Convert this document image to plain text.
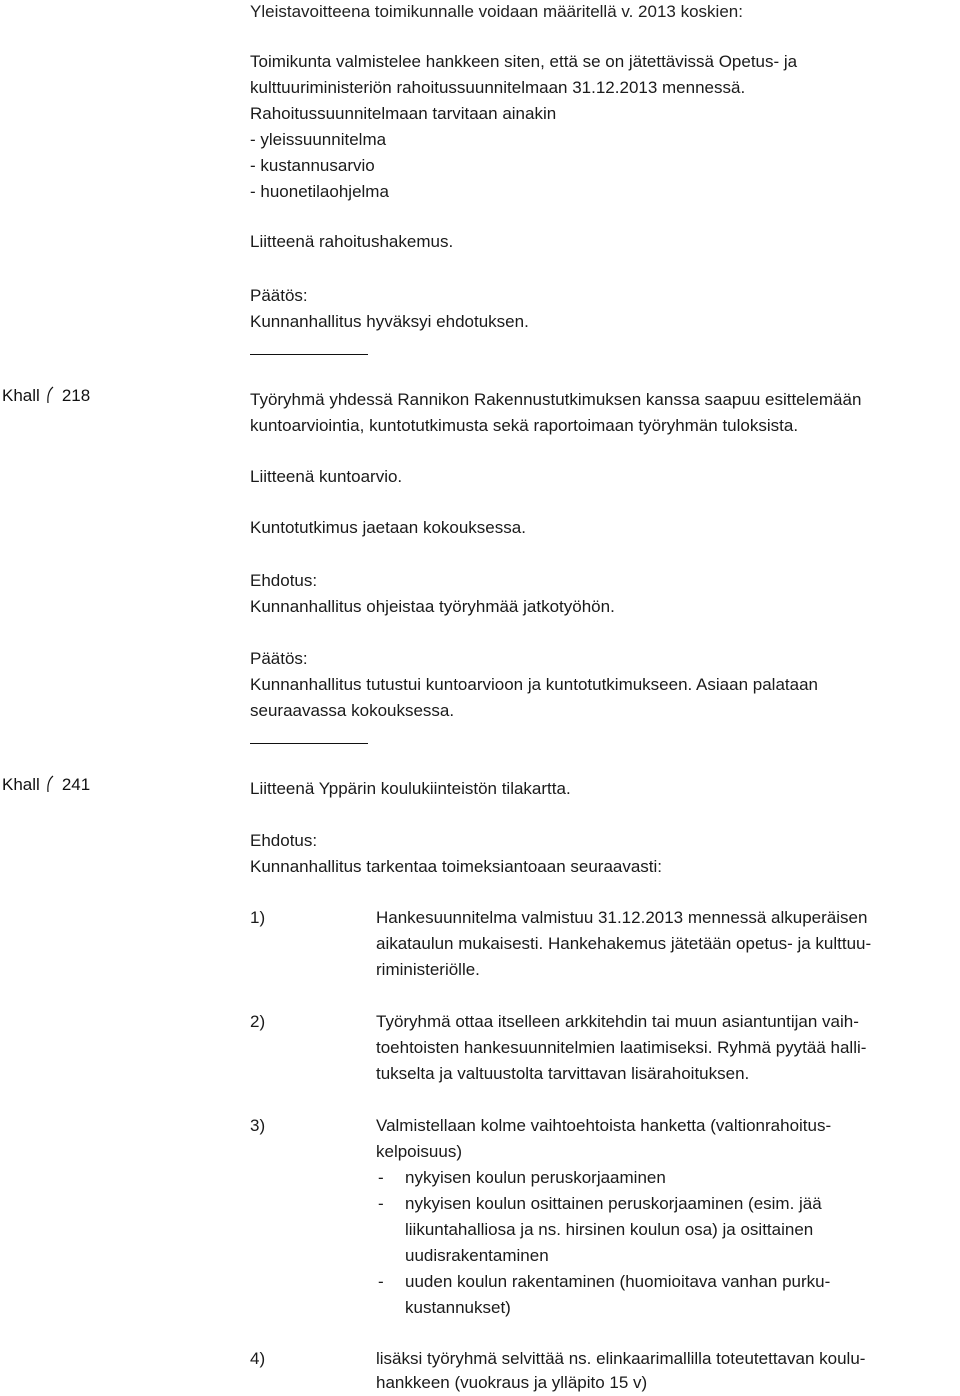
Yleistavoitteena toimikunnalle voidaan määritellä v. 2013 koskien:
Toimikunta valmistelee hankkeen siten, että se on jätettävissä Opetus- ja
kulttuuriministeriön rahoitussuunnitelmaan 31.12.2013 mennessä.
Rahoitussuunnitelmaan tarvitaan ainakin
- yleissuunnitelma
- kustannusarvio
- huonetilaohjelma
Liitteenä rahoitushakemus.
Päätös:
Kunnanhallitus hyväksyi ehdotuksen.
Khall 218	Työryhmä yhdessä Rannikon Rakennustutkimuksen kanssa saapuu esittelemään
kuntoarviointia, kuntotutkimusta sekä raportoimaan työryhmän tuloksista.
Liitteenä kuntoarvio.
Kuntotutkimus jaetaan kokouksessa.
Ehdotus:
Kunnanhallitus ohjeistaa työryhmää jatkotyöhön.
Päätös:
Kunnanhallitus tutustui kuntoarvioon ja kuntotutkimukseen. Asiaan palataan
seuraavassa kokouksessa.
Khall 241	Liitteenä Yppärin koulukiinteistön tilakartta.
Ehdotus:
Kunnanhallitus tarkentaa toimeksiantoaan seuraavasti:
1)	Hankesuunnitelma valmistuu 31.12.2013 mennessä alkuperäisen
aikataulun mukaisesti. Hankehakemus jätetään opetus- ja kulttuu-
riministeriölle.
2)	Työryhmä ottaa itselleen arkkitehdin tai muun asiantuntijan vaih-
toehtoisten hankesuunnitelmien laatimiseksi. Ryhmä pyytää halli-
tukselta ja valtuustolta tarvittavan lisärahoituksen.
3)	Valmistellaan kolme vaihtoehtoista hanketta (valtionrahoitus-
kelpoisuus)
- nykyisen koulun peruskorjaaminen
- nykyisen koulun osittainen peruskorjaaminen (esim. jää
liikuntahalliosa ja ns. hirsinen koulun osa) ja osittainen
uudisrakentaminen
- uuden koulun rakentaminen (huomioitava vanhan purku-
kustannukset)
4)	lisäksi työryhmä selvittää ns. elinkaarimallilla toteutettavan koulu-
hankkeen (vuokraus ja ylläpito 15 v)
